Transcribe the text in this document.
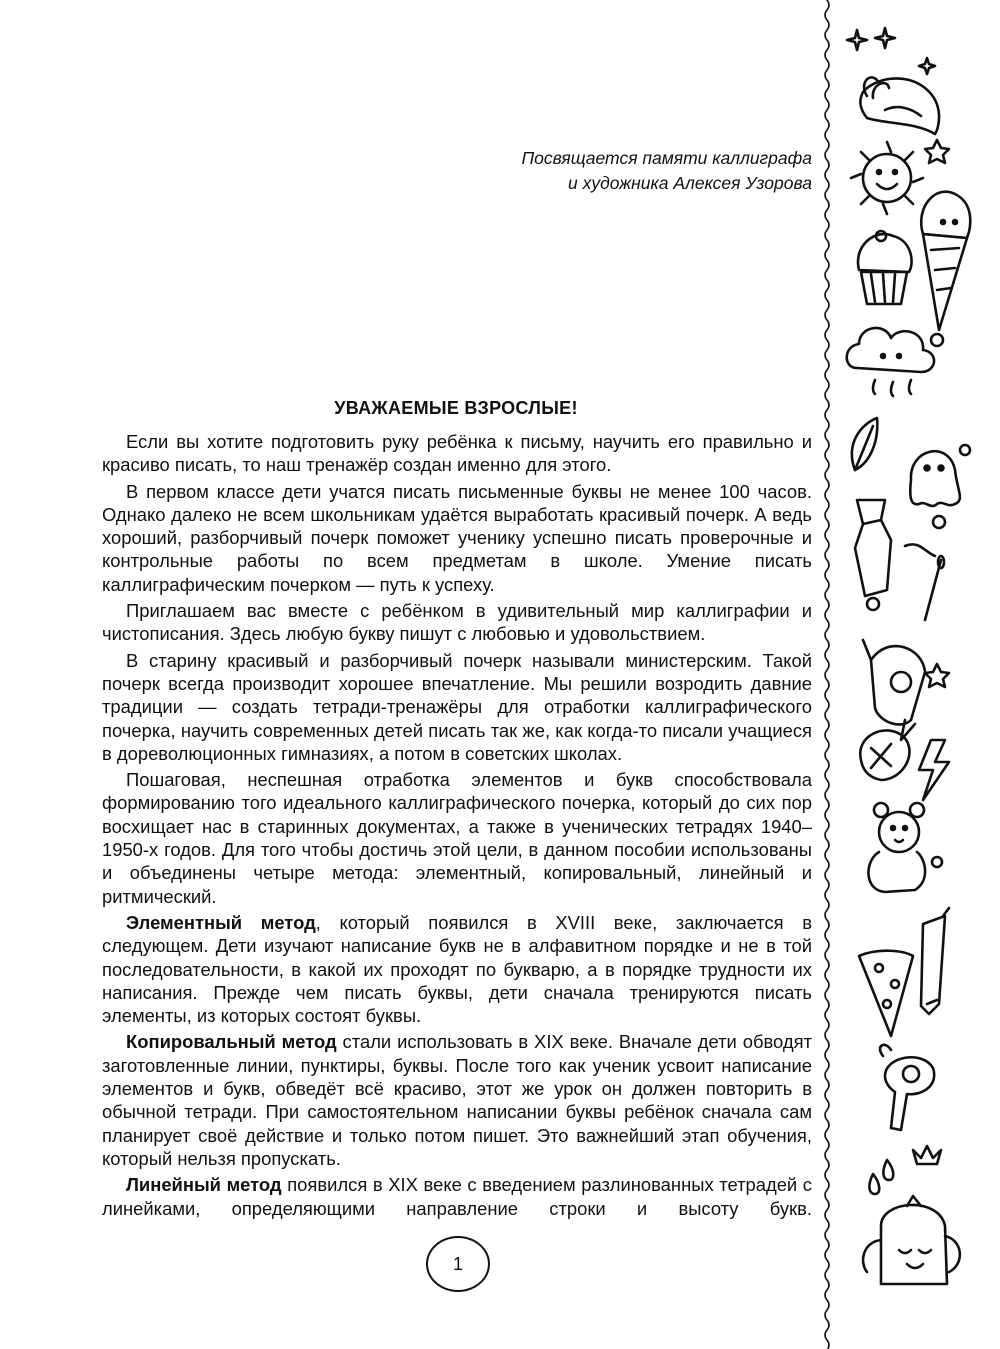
Посвящается памяти каллиграфа
и художника Алексея Узорова
УВАЖАЕМЫЕ ВЗРОСЛЫЕ!

Если вы хотите подготовить руку ребёнка к письму, научить его правильно и красиво писать, то наш тренажёр создан именно для этого.

В первом классе дети учатся писать письменные буквы не менее 100 часов. Однако далеко не всем школьникам удаётся выработать красивый почерк. А ведь хороший, разборчивый почерк поможет ученику успешно писать проверочные и контрольные работы по всем предметам в школе. Умение писать каллиграфическим почерком — путь к успеху.

Приглашаем вас вместе с ребёнком в удивительный мир каллиграфии и чистописания. Здесь любую букву пишут с любовью и удовольствием.

В старину красивый и разборчивый почерк называли министерским. Такой почерк всегда производит хорошее впечатление. Мы решили возродить давние традиции — создать тетради-тренажёры для отработки каллиграфического почерка, научить современных детей писать так же, как когда-то писали учащиеся в дореволюционных гимназиях, а потом в советских школах.

Пошаговая, неспешная отработка элементов и букв способствовала формированию того идеального каллиграфического почерка, который до сих пор восхищает нас в старинных документах, а также в ученических тетрадях 1940–1950-х годов. Для того чтобы достичь этой цели, в данном пособии использованы и объединены четыре метода: элементный, копировальный, линейный и ритмический.

Элементный метод, который появился в XVIII веке, заключается в следующем. Дети изучают написание букв не в алфавитном порядке и не в той последовательности, в какой их проходят по букварю, а в порядке трудности их написания. Прежде чем писать буквы, дети сначала тренируются писать элементы, из которых состоят буквы.

Копировальный метод стали использовать в XIX веке. Вначале дети обводят заготовленные линии, пунктиры, буквы. После того как ученик усвоит написание элементов и букв, обведёт всё красиво, этот же урок он должен повторить в обычной тетради. При самостоятельном написании буквы ребёнок сначала сам планирует своё действие и только потом пишет. Это важнейший этап обучения, который нельзя пропускать.

Линейный метод появился в XIX веке с введением разлинованных тетрадей с линейками, определяющими направление строки и высоту букв.

1
